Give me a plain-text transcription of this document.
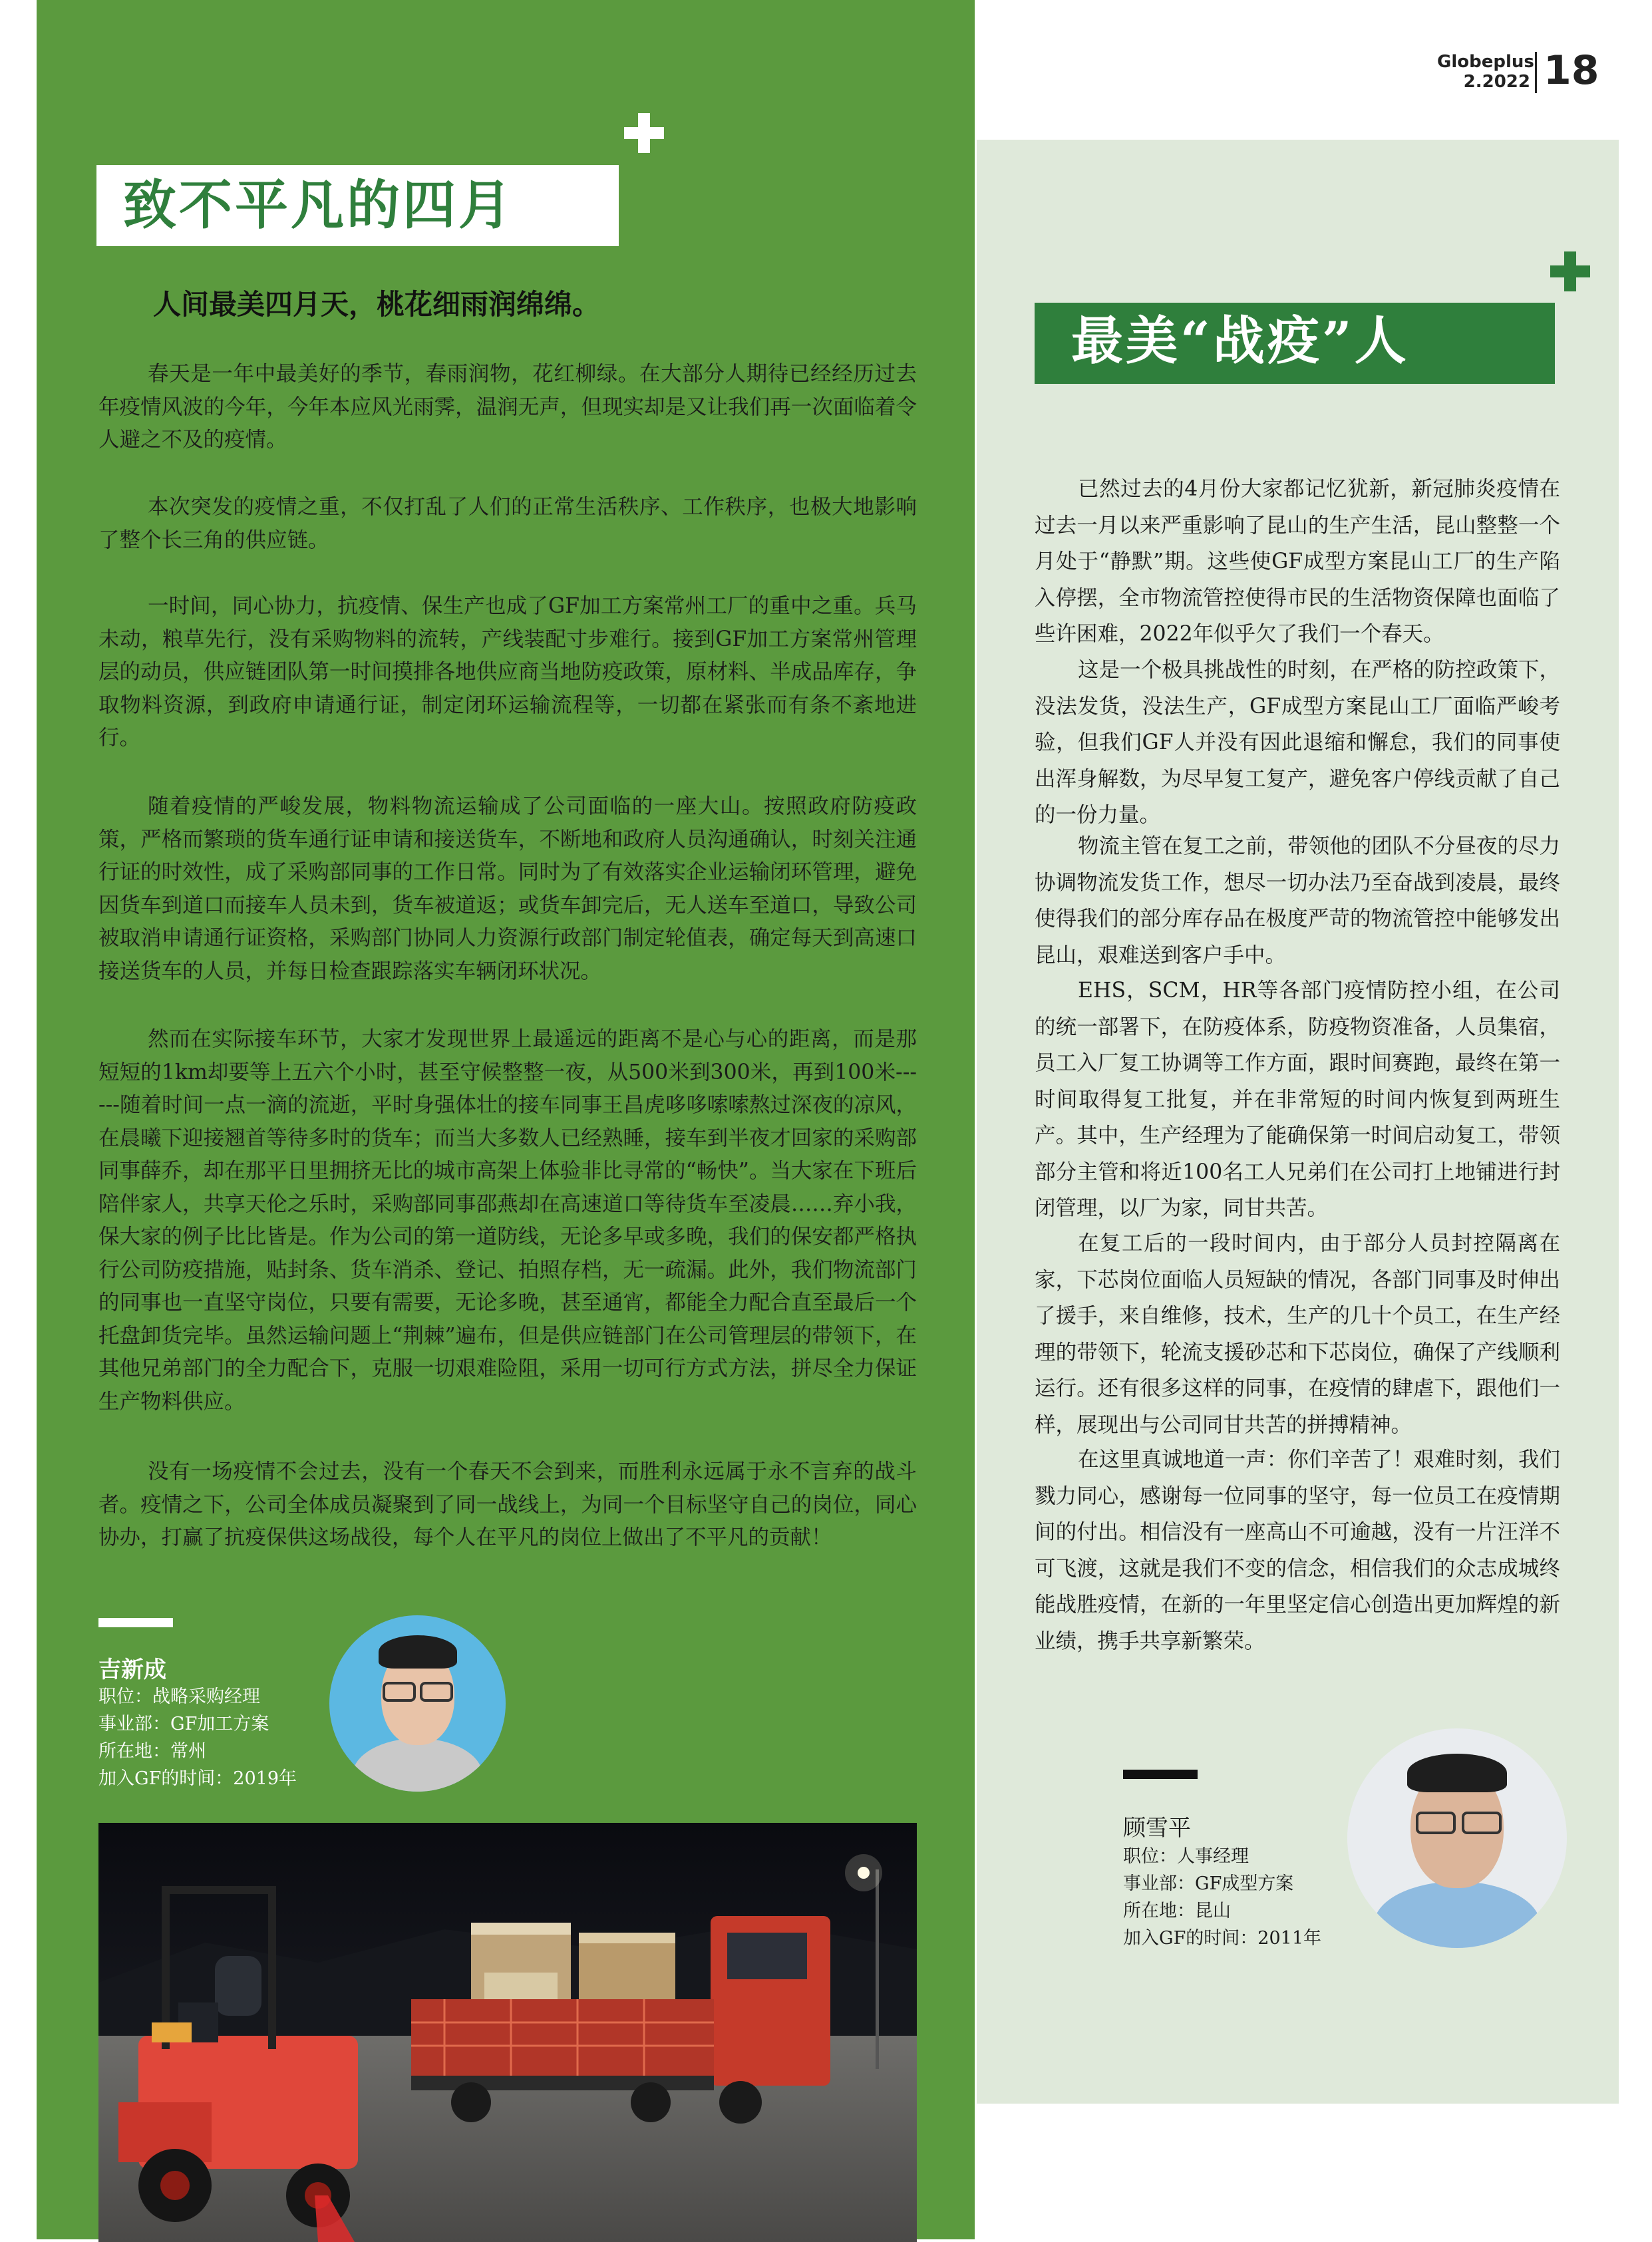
Globeplus
2.2022 18
致不平凡的四月
人间最美四月天，桃花细雨润绵绵。

春天是一年中最美好的季节，春雨润物，花红柳绿。在大部分人期待已经经历过去年疫情风波的今年，今年本应风光雨霁，温润无声，但现实却是又让我们再一次面临着令人避之不及的疫情。

本次突发的疫情之重，不仅打乱了人们的正常生活秩序、工作秩序，也极大地影响了整个长三角的供应链。

一时间，同心协力，抗疫情、保生产也成了GF加工方案常州工厂的重中之重。兵马未动，粮草先行，没有采购物料的流转，产线装配寸步难行。接到GF加工方案常州管理层的动员，供应链团队第一时间摸排各地供应商当地防疫政策，原材料、半成品库存，争取物料资源，到政府申请通行证，制定闭环运输流程等，一切都在紧张而有条不紊地进行。

随着疫情的严峻发展，物料物流运输成了公司面临的一座大山。按照政府防疫政策，严格而繁琐的货车通行证申请和接送货车，不断地和政府人员沟通确认，时刻关注通行证的时效性，成了采购部同事的工作日常。同时为了有效落实企业运输闭环管理，避免因货车到道口而接车人员未到，货车被道返；或货车卸完后，无人送车至道口，导致公司被取消申请通行证资格，采购部门协同人力资源行政部门制定轮值表，确定每天到高速口接送货车的人员，并每日检查跟踪落实车辆闭环状况。

然而在实际接车环节，大家才发现世界上最遥远的距离不是心与心的距离，而是那短短的1km却要等上五六个小时，甚至守候整整一夜，从500米到300米，再到100米------随着时间一点一滴的流逝，平时身强体壮的接车同事王昌虎哆哆嗦嗦熬过深夜的凉风，在晨曦下迎接翘首等待多时的货车；而当大多数人已经熟睡，接车到半夜才回家的采购部同事薛乔，却在那平日里拥挤无比的城市高架上体验非比寻常的“畅快”。当大家在下班后陪伴家人，共享天伦之乐时，采购部同事邵燕却在高速道口等待货车至凌晨……弃小我，保大家的例子比比皆是。作为公司的第一道防线，无论多早或多晚，我们的保安都严格执行公司防疫措施，贴封条、货车消杀、登记、拍照存档，无一疏漏。此外，我们物流部门的同事也一直坚守岗位，只要有需要，无论多晚，甚至通宵，都能全力配合直至最后一个托盘卸货完毕。虽然运输问题上“荆棘”遍布，但是供应链部门在公司管理层的带领下，在其他兄弟部门的全力配合下，克服一切艰难险阻，采用一切可行方式方法，拼尽全力保证生产物料供应。

没有一场疫情不会过去，没有一个春天不会到来，而胜利永远属于永不言弃的战斗者。疫情之下，公司全体成员凝聚到了同一战线上，为同一个目标坚守自己的岗位，同心协办，打赢了抗疫保供这场战役，每个人在平凡的岗位上做出了不平凡的贡献！

吉新成
职位：战略采购经理
事业部：GF加工方案
所在地：常州
加入GF的时间：2019年
最美“战疫”人

已然过去的4月份大家都记忆犹新，新冠肺炎疫情在过去一月以来严重影响了昆山的生产生活，昆山整整一个月处于“静默”期。这些使GF成型方案昆山工厂的生产陷入停摆，全市物流管控使得市民的生活物资保障也面临了些许困难，2022年似乎欠了我们一个春天。

这是一个极具挑战性的时刻，在严格的防控政策下，没法发货，没法生产，GF成型方案昆山工厂面临严峻考验，但我们GF人并没有因此退缩和懈怠，我们的同事使出浑身解数，为尽早复工复产，避免客户停线贡献了自己的一份力量。

物流主管在复工之前，带领他的团队不分昼夜的尽力协调物流发货工作，想尽一切办法乃至奋战到凌晨，最终使得我们的部分库存品在极度严苛的物流管控中能够发出昆山，艰难送到客户手中。

EHS，SCM，HR等各部门疫情防控小组，在公司的统一部署下，在防疫体系，防疫物资准备，人员集宿，员工入厂复工协调等工作方面，跟时间赛跑，最终在第一时间取得复工批复，并在非常短的时间内恢复到两班生产。其中，生产经理为了能确保第一时间启动复工，带领部分主管和将近100名工人兄弟们在公司打上地铺进行封闭管理，以厂为家，同甘共苦。

在复工后的一段时间内，由于部分人员封控隔离在家，下芯岗位面临人员短缺的情况，各部门同事及时伸出了援手，来自维修，技术，生产的几十个员工，在生产经理的带领下，轮流支援砂芯和下芯岗位，确保了产线顺利运行。还有很多这样的同事，在疫情的肆虐下，跟他们一样，展现出与公司同甘共苦的拼搏精神。

在这里真诚地道一声：你们辛苦了！艰难时刻，我们戮力同心，感谢每一位同事的坚守，每一位员工在疫情期间的付出。相信没有一座高山不可逾越，没有一片汪洋不可飞渡，这就是我们不变的信念，相信我们的众志成城终能战胜疫情，在新的一年里坚定信心创造出更加辉煌的新业绩，携手共享新繁荣。

顾雪平
职位：人事经理
事业部：GF成型方案
所在地：昆山
加入GF的时间：2011年
